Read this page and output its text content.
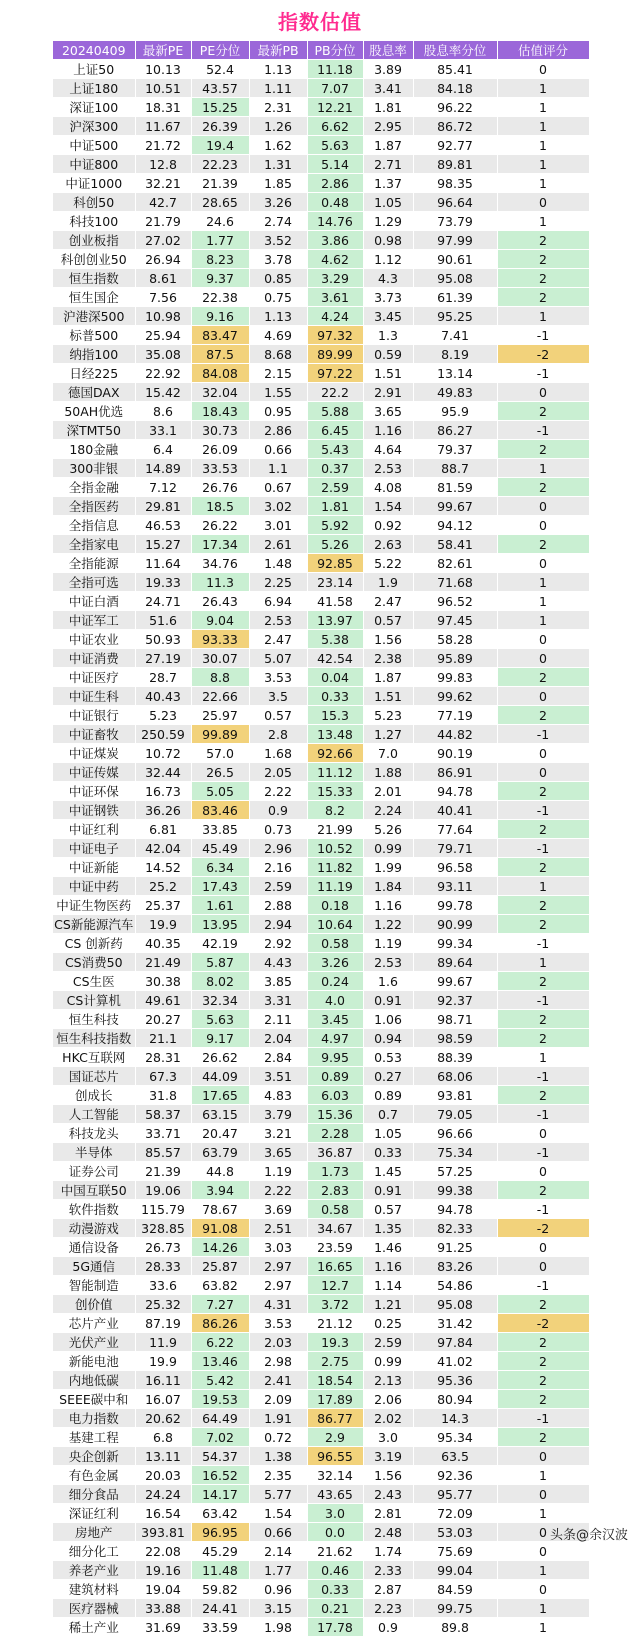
指数估值
20240409	最新PE	PE分位	最新PB	PB分位	股息率	股息率分位	估值评分
上证50	10.13	52.4	1.13	11.18	3.89	85.41	0
上证180	10.51	43.57	1.11	7.07	3.41	84.18	1
深证100	18.31	15.25	2.31	12.21	1.81	96.22	1
沪深300	11.67	26.39	1.26	6.62	2.95	86.72	1
中证500	21.72	19.4	1.62	5.63	1.87	92.77	1
中证800	12.8	22.23	1.31	5.14	2.71	89.81	1
中证1000	32.21	21.39	1.85	2.86	1.37	98.35	1
科创50	42.7	28.65	3.26	0.48	1.05	96.64	0
科技100	21.79	24.6	2.74	14.76	1.29	73.79	1
创业板指	27.02	1.77	3.52	3.86	0.98	97.99	2
科创创业50	26.94	8.23	3.78	4.62	1.12	90.61	2
恒生指数	8.61	9.37	0.85	3.29	4.3	95.08	2
恒生国企	7.56	22.38	0.75	3.61	3.73	61.39	2
沪港深500	10.98	9.16	1.13	4.24	3.45	95.25	1
标普500	25.94	83.47	4.69	97.32	1.3	7.41	-1
纳指100	35.08	87.5	8.68	89.99	0.59	8.19	-2
日经225	22.92	84.08	2.15	97.22	1.51	13.14	-1
德国DAX	15.42	32.04	1.55	22.2	2.91	49.83	0
50AH优选	8.6	18.43	0.95	5.88	3.65	95.9	2
深TMT50	33.1	30.73	2.86	6.45	1.16	86.27	-1
180金融	6.4	26.09	0.66	5.43	4.64	79.37	2
300非银	14.89	33.53	1.1	0.37	2.53	88.7	1
全指金融	7.12	26.76	0.67	2.59	4.08	81.59	2
全指医药	29.81	18.5	3.02	1.81	1.54	99.67	0
全指信息	46.53	26.22	3.01	5.92	0.92	94.12	0
全指家电	15.27	17.34	2.61	5.26	2.63	58.41	2
全指能源	11.64	34.76	1.48	92.85	5.22	82.61	0
全指可选	19.33	11.3	2.25	23.14	1.9	71.68	1
中证白酒	24.71	26.43	6.94	41.58	2.47	96.52	1
中证军工	51.6	9.04	2.53	13.97	0.57	97.45	1
中证农业	50.93	93.33	2.47	5.38	1.56	58.28	0
中证消费	27.19	30.07	5.07	42.54	2.38	95.89	0
中证医疗	28.7	8.8	3.53	0.04	1.87	99.83	2
中证生科	40.43	22.66	3.5	0.33	1.51	99.62	0
中证银行	5.23	25.97	0.57	15.3	5.23	77.19	2
中证畜牧	250.59	99.89	2.8	13.48	1.27	44.82	-1
中证煤炭	10.72	57.0	1.68	92.66	7.0	90.19	0
中证传媒	32.44	26.5	2.05	11.12	1.88	86.91	0
中证环保	16.73	5.05	2.22	15.33	2.01	94.78	2
中证钢铁	36.26	83.46	0.9	8.2	2.24	40.41	-1
中证红利	6.81	33.85	0.73	21.99	5.26	77.64	2
中证电子	42.04	45.49	2.96	10.52	0.99	79.71	-1
中证新能	14.52	6.34	2.16	11.82	1.99	96.58	2
中证中药	25.2	17.43	2.59	11.19	1.84	93.11	1
中证生物医药	25.37	1.61	2.88	0.18	1.16	99.78	2
CS新能源汽车	19.9	13.95	2.94	10.64	1.22	90.99	2
CS 创新药	40.35	42.19	2.92	0.58	1.19	99.34	-1
CS消费50	21.49	5.87	4.43	3.26	2.53	89.64	1
CS生医	30.38	8.02	3.85	0.24	1.6	99.67	2
CS计算机	49.61	32.34	3.31	4.0	0.91	92.37	-1
恒生科技	20.27	5.63	2.11	3.45	1.06	98.71	2
恒生科技指数	21.1	9.17	2.04	4.97	0.94	98.59	2
HKC互联网	28.31	26.62	2.84	9.95	0.53	88.39	1
国证芯片	67.3	44.09	3.51	0.89	0.27	68.06	-1
创成长	31.8	17.65	4.83	6.03	0.89	93.81	2
人工智能	58.37	63.15	3.79	15.36	0.7	79.05	-1
科技龙头	33.71	20.47	3.21	2.28	1.05	96.66	0
半导体	85.57	63.79	3.65	36.87	0.33	75.34	-1
证券公司	21.39	44.8	1.19	1.73	1.45	57.25	0
中国互联50	19.06	3.94	2.22	2.83	0.91	99.38	2
软件指数	115.79	78.67	3.69	0.58	0.57	94.78	-1
动漫游戏	328.85	91.08	2.51	34.67	1.35	82.33	-2
通信设备	26.73	14.26	3.03	23.59	1.46	91.25	0
5G通信	28.33	25.87	2.97	16.65	1.16	83.26	0
智能制造	33.6	63.82	2.97	12.7	1.14	54.86	-1
创价值	25.32	7.27	4.31	3.72	1.21	95.08	2
芯片产业	87.19	86.26	3.53	21.12	0.25	31.42	-2
光伏产业	11.9	6.22	2.03	19.3	2.59	97.84	2
新能电池	19.9	13.46	2.98	2.75	0.99	41.02	2
内地低碳	16.11	5.42	2.41	18.54	2.13	95.36	2
SEEE碳中和	16.07	19.53	2.09	17.89	2.06	80.94	2
电力指数	20.62	64.49	1.91	86.77	2.02	14.3	-1
基建工程	6.8	7.02	0.72	2.9	3.0	95.34	2
央企创新	13.11	54.37	1.38	96.55	3.19	63.5	0
有色金属	20.03	16.52	2.35	32.14	1.56	92.36	1
细分食品	24.24	14.17	5.77	43.65	2.43	95.77	0
深证红利	16.54	63.42	1.54	3.0	2.81	72.09	1
房地产	393.81	96.95	0.66	0.0	2.48	53.03	0
细分化工	22.08	45.29	2.14	21.62	1.74	75.69	0
养老产业	19.16	11.48	1.77	0.46	2.33	99.04	1
建筑材料	19.04	59.82	0.96	0.33	2.87	84.59	0
医疗器械	33.88	24.41	3.15	0.21	2.23	99.75	1
稀土产业	31.69	33.59	1.98	17.78	0.9	89.8	1
头条@余汉波
